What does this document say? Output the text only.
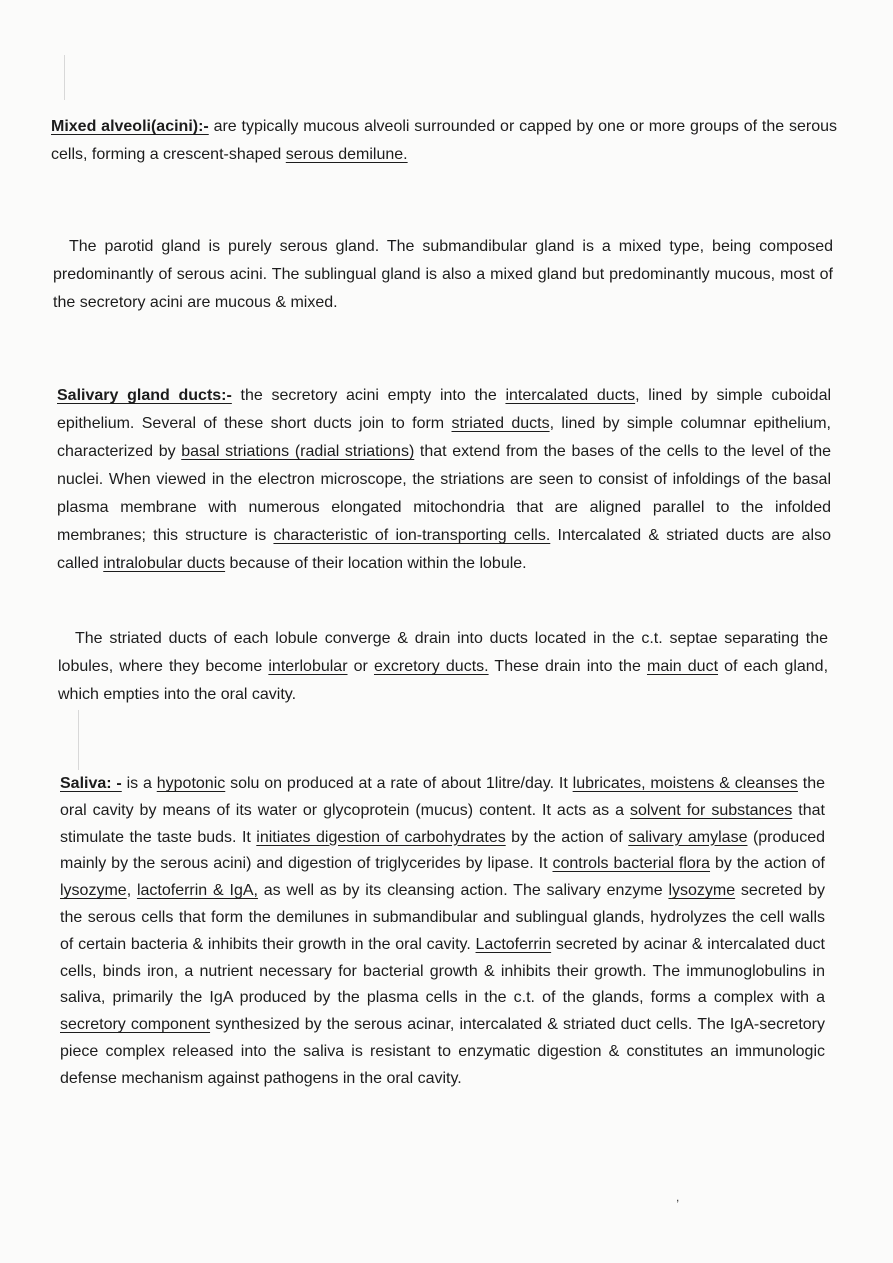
Mixed alveoli(acini):- are typically mucous alveoli surrounded or capped by one or more groups of the serous cells, forming a crescent-shaped serous demilune.

The parotid gland is purely serous gland. The submandibular gland is a mixed type, being composed predominantly of serous acini. The sublingual gland is also a mixed gland but predominantly mucous, most of the secretory acini are mucous & mixed.

Salivary gland ducts:- the secretory acini empty into the intercalated ducts, lined by simple cuboidal epithelium. Several of these short ducts join to form striated ducts, lined by simple columnar epithelium, characterized by basal striations (radial striations) that extend from the bases of the cells to the level of the nuclei. When viewed in the electron microscope, the striations are seen to consist of infoldings of the basal plasma membrane with numerous elongated mitochondria that are aligned parallel to the infolded membranes; this structure is characteristic of ion-transporting cells. Intercalated & striated ducts are also called intralobular ducts because of their location within the lobule.

The striated ducts of each lobule converge & drain into ducts located in the c.t. septae separating the lobules, where they become interlobular or excretory ducts. These drain into the main duct of each gland, which empties into the oral cavity.

Saliva: - is a hypotonic solu on produced at a rate of about 1litre/day. It lubricates, moistens & cleanses the oral cavity by means of its water or glycoprotein (mucus) content. It acts as a solvent for substances that stimulate the taste buds. It initiates digestion of carbohydrates by the action of salivary amylase (produced mainly by the serous acini) and digestion of triglycerides by lipase. It controls bacterial flora by the action of lysozyme, lactoferrin & IgA, as well as by its cleansing action. The salivary enzyme lysozyme secreted by the serous cells that form the demilunes in submandibular and sublingual glands, hydrolyzes the cell walls of certain bacteria & inhibits their growth in the oral cavity. Lactoferrin secreted by acinar & intercalated duct cells, binds iron, a nutrient necessary for bacterial growth & inhibits their growth. The immunoglobulins in saliva, primarily the IgA produced by the plasma cells in the c.t. of the glands, forms a complex with a secretory component synthesized by the serous acinar, intercalated & striated duct cells. The IgA-secretory piece complex released into the saliva is resistant to enzymatic digestion & constitutes an immunologic defense mechanism against pathogens in the oral cavity.

,
